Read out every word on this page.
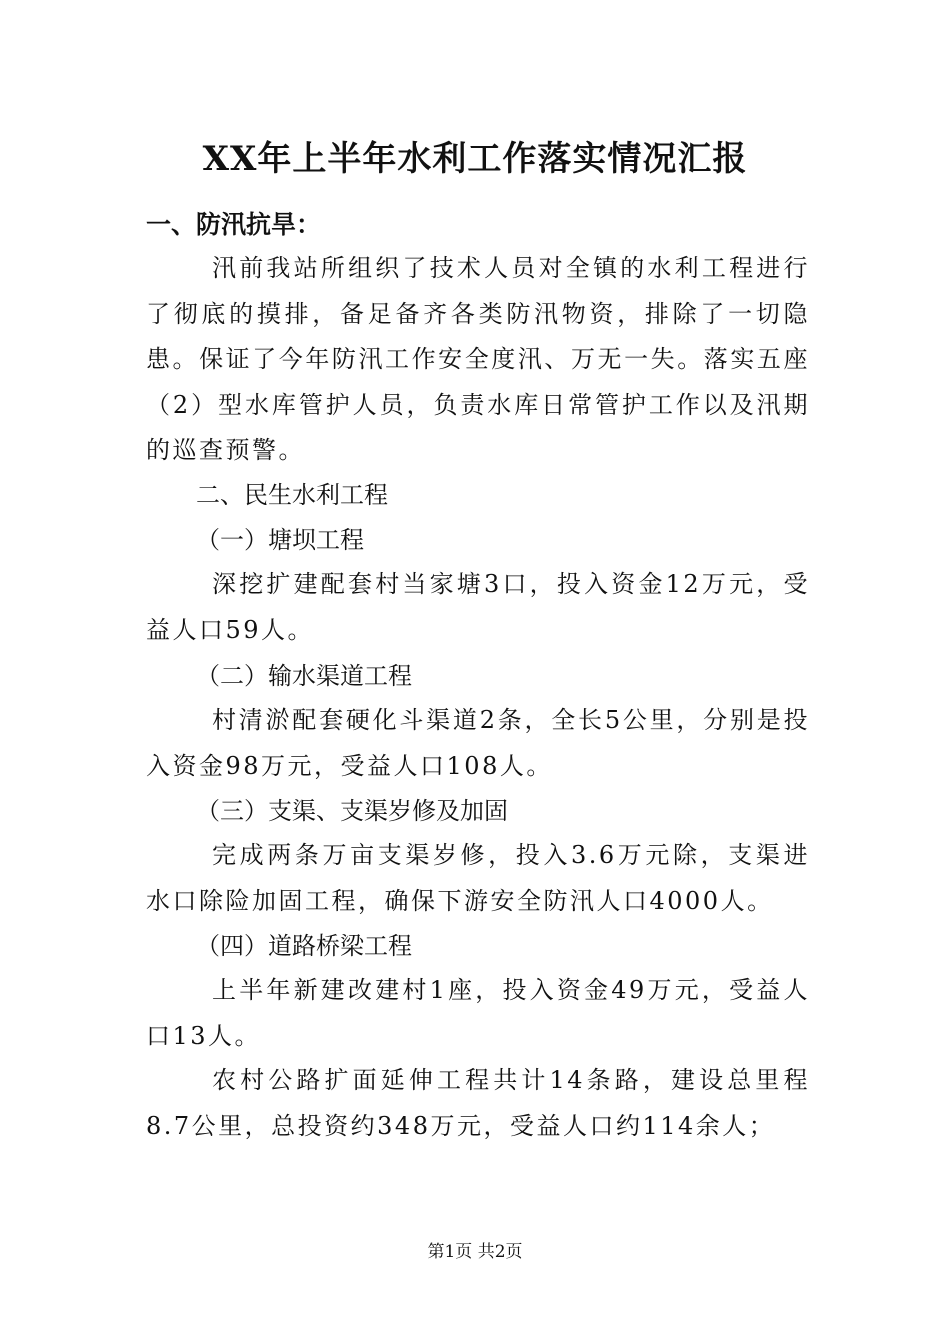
XX年上半年水利工作落实情况汇报
一、防汛抗旱：
汛前我站所组织了技术人员对全镇的水利工程进行了彻底的摸排，备足备齐各类防汛物资，排除了一切隐患。保证了今年防汛工作安全度汛、万无一失。落实五座（2）型水库管护人员，负责水库日常管护工作以及汛期的巡查预警。
二、民生水利工程
（一）塘坝工程
深挖扩建配套村当家塘3口，投入资金12万元，受益人口59人。
（二）输水渠道工程
村清淤配套硬化斗渠道2条，全长5公里，分别是投入资金98万元，受益人口108人。
（三）支渠、支渠岁修及加固
完成两条万亩支渠岁修，投入3.6万元除，支渠进水口除险加固工程，确保下游安全防汛人口4000人。
（四）道路桥梁工程
上半年新建改建村1座，投入资金49万元，受益人口13人。
农村公路扩面延伸工程共计14条路，建设总里程8.7公里，总投资约348万元，受益人口约114余人；
第1页 共2页
